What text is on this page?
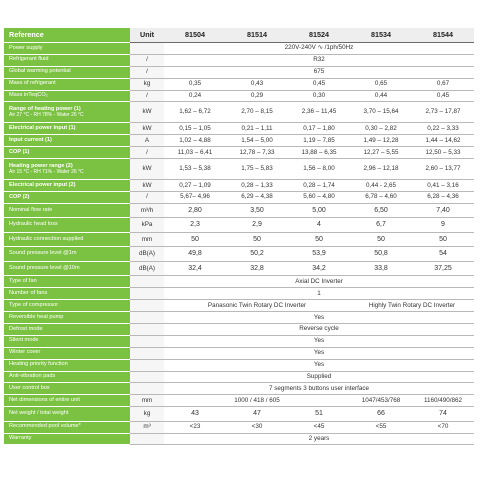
Reference	Unit	81504	81514	81524	81534	81544
Power supply		220V-240V ∿ /1ph/50Hz				
Refrigerant fluid	/	R32				
Global warming potential	/	675				
Mass of refrigerant	kg	0,35	0,43	0,45	0,65	0,67
Mass inTeqCO₂	/	0,24	0,29	0,30	0,44	0,45
Range of heating power (1)
Air 27 °C - RH 78% - Water 26 °C	kW	1,62 – 6,72	2,70 – 8,15	2,36 – 11,45	3,70 – 15,64	2,73 – 17,87
Electrical power input (1)	kW	0,15 – 1,05	0,21 – 1,11	0,17 – 1,80	0,30 – 2,82	0,22 – 3,33
Input current (1)	A	1,02 – 4,88	1,54 – 5,00	1,19 – 7,85	1,49 – 12,28	1,44 – 14,62
COP (1)	/	11,03 – 6,41	12,78 – 7,33	13,88 – 6,35	12,27 – 5,55	12,50 – 5,33
Heating power range (2)
Air 15 °C - RH 71% - Water 26 °C	kW	1,53 – 5,38	1,75 – 5,83	1,56 – 8,00	2,96 – 12,18	2,60 – 13,77
Electrical power input (2)	kW	0,27 – 1,09	0,28 – 1,33	0,28 – 1,74	0,44 - 2,65	0,41 – 3,16
COP (2)	/	5,67– 4,96	6,29 – 4,38	5,60 – 4,80	6,78 – 4,60	6,28 – 4,36
Nominal flow rate	m³/h	2,80	3,50	5,00	6,50	7,40
Hydraulic head loss	kPa	2,3	2,9	4	6,7	9
Hydraulic connection supplied	mm	50	50	50	50	50
Sound pressure level @1m	dB(A)	49,8	50,2	53,9	50,8	54
Sound pressure level @10m	dB(A)	32,4	32,8	34,2	33,8	37,25
Type of fan		Axial DC Inverter				
Number of fans		1				
Type of compressor		Panasonic Twin Rotary DC Inverter			Highly Twin Rotary DC Inverter	
Reversible heat pump		Yes				
Defrost mode		Reverse cycle				
Silent mode		Yes				
Winter cover		Yes				
Heating priority function		Yes				
Anti-vibration pads		Supplied				
User control box		7 segments 3 buttons user interface				
Net dimensions of entire unit	mm	1000 / 418 / 605			1047/453/768	1160/490/862
Net weight / total weight	kg	43	47	51	66	74
Recommended pool volume*	m³	<23	<30	<45	<55	<70
Warranty		2 years				
